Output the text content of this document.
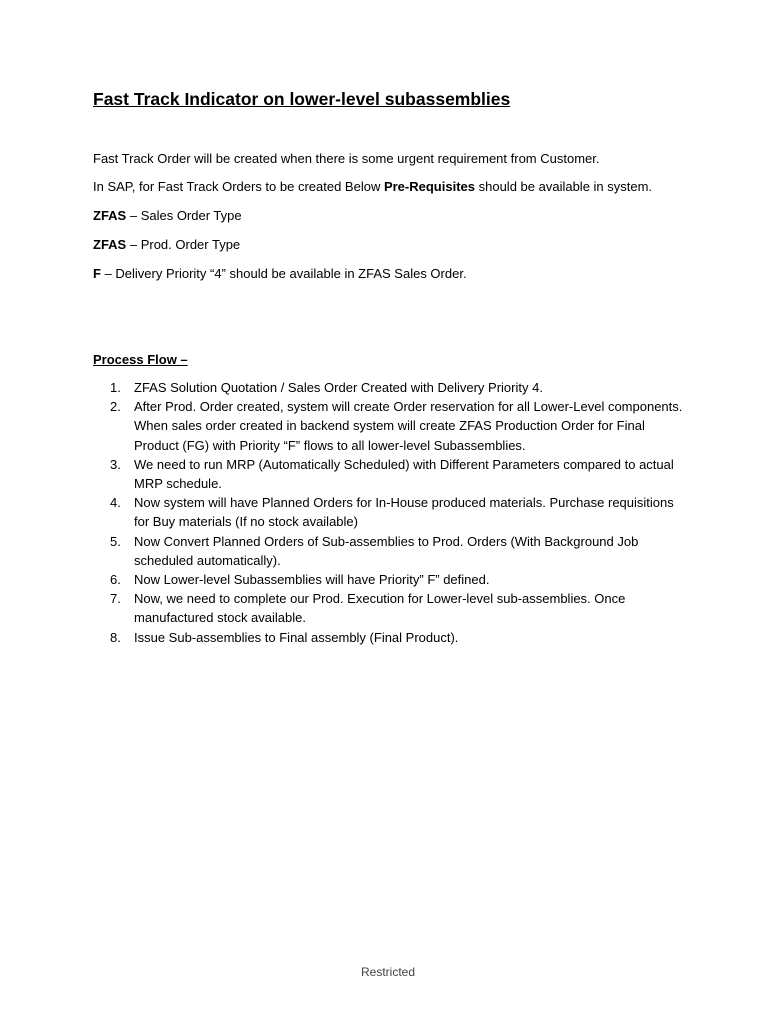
Fast Track Indicator on lower-level subassemblies

Fast Track Order will be created when there is some urgent requirement from Customer.

In SAP, for Fast Track Orders to be created Below Pre-Requisites should be available in system.

ZFAS – Sales Order Type

ZFAS – Prod. Order Type

F – Delivery Priority “4” should be available in ZFAS Sales Order.

Process Flow –
1. ZFAS Solution Quotation / Sales Order Created with Delivery Priority 4.
2. After Prod. Order created, system will create Order reservation for all Lower-Level components.
When sales order created in backend system will create ZFAS Production Order for Final Product (FG) with Priority “F” flows to all lower-level Subassemblies.
3. We need to run MRP (Automatically Scheduled) with Different Parameters compared to actual MRP schedule.
4. Now system will have Planned Orders for In-House produced materials. Purchase requisitions for Buy materials (If no stock available)
5. Now Convert Planned Orders of Sub-assemblies to Prod. Orders (With Background Job scheduled automatically).
6. Now Lower-level Subassemblies will have Priority” F” defined.
7. Now, we need to complete our Prod. Execution for Lower-level sub-assemblies. Once manufactured stock available.
8. Issue Sub-assemblies to Final assembly (Final Product).
Restricted
